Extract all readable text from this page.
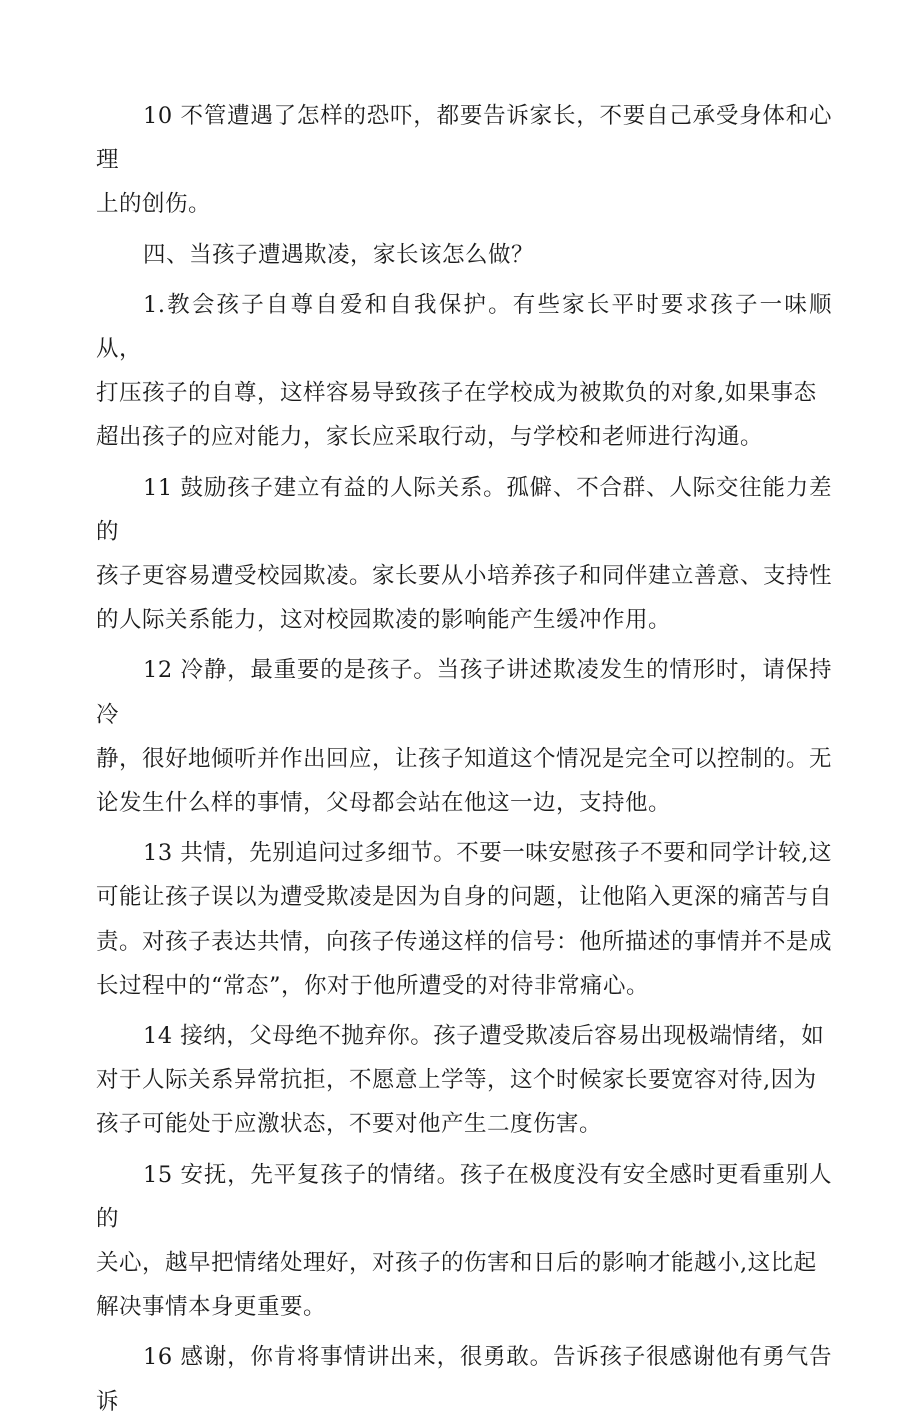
10 不管遭遇了怎样的恐吓，都要告诉家长，不要自己承受身体和心理
上的创伤。

四、当孩子遭遇欺凌，家长该怎么做？

1.教会孩子自尊自爱和自我保护。有些家长平时要求孩子一味顺从，
打压孩子的自尊，这样容易导致孩子在学校成为被欺负的对象,如果事态
超出孩子的应对能力，家长应采取行动，与学校和老师进行沟通。

11 鼓励孩子建立有益的人际关系。孤僻、不合群、人际交往能力差的
孩子更容易遭受校园欺凌。家长要从小培养孩子和同伴建立善意、支持性
的人际关系能力，这对校园欺凌的影响能产生缓冲作用。

12 冷静，最重要的是孩子。当孩子讲述欺凌发生的情形时，请保持冷
静，很好地倾听并作出回应，让孩子知道这个情况是完全可以控制的。无
论发生什么样的事情，父母都会站在他这一边，支持他。

13 共情，先别追问过多细节。不要一味安慰孩子不要和同学计较,这
可能让孩子误以为遭受欺凌是因为自身的问题，让他陷入更深的痛苦与自
责。对孩子表达共情，向孩子传递这样的信号：他所描述的事情并不是成
长过程中的“常态”，你对于他所遭受的对待非常痛心。

14 接纳，父母绝不抛弃你。孩子遭受欺凌后容易出现极端情绪，如
对于人际关系异常抗拒，不愿意上学等，这个时候家长要宽容对待,因为
孩子可能处于应激状态，不要对他产生二度伤害。

15 安抚，先平复孩子的情绪。孩子在极度没有安全感时更看重别人的
关心，越早把情绪处理好，对孩子的伤害和日后的影响才能越小,这比起
解决事情本身更重要。

16 感谢，你肯将事情讲出来，很勇敢。告诉孩子很感谢他有勇气告诉
